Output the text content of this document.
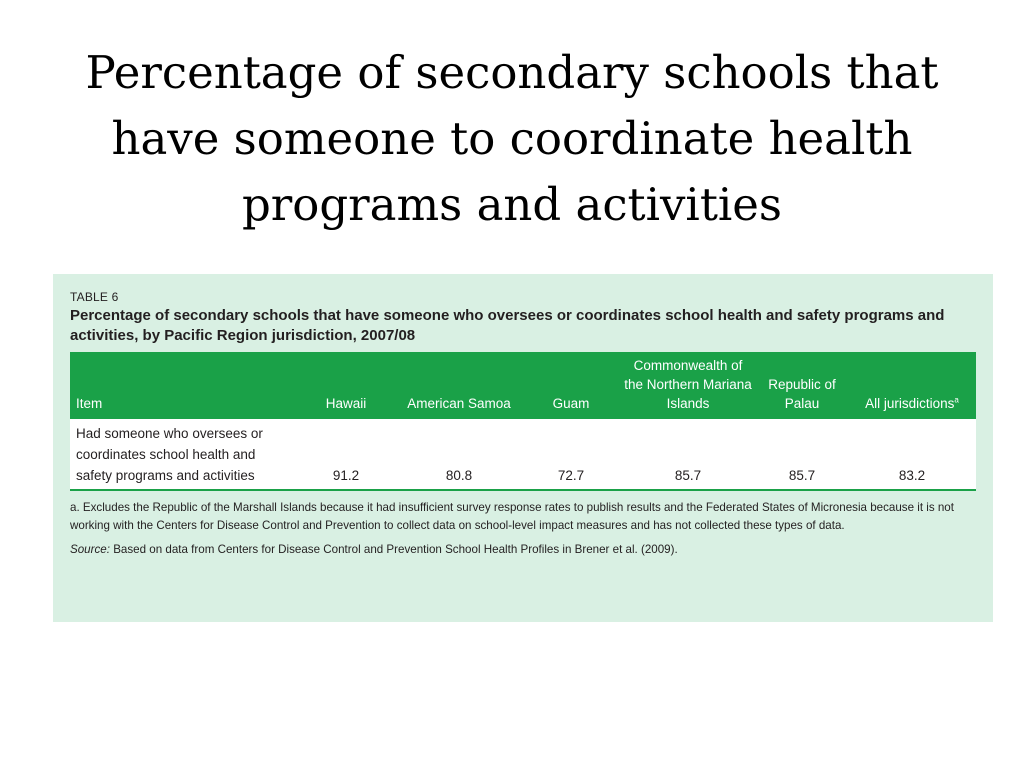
Percentage of secondary schools that
have someone to coordinate health
programs and activities

TABLE 6

Percentage of secondary schools that have someone who oversees or coordinates school health and safety programs and activities, by Pacific Region jurisdiction, 2007/08

Item	Hawaii	American Samoa	Guam	Commonwealth of the Northern Mariana Islands	Republic of Palau	All jurisdictions$^a$
Had someone who oversees or coordinates school health and safety programs and activities	91.2	80.8	72.7	85.7	85.7	83.2

a. Excludes the Republic of the Marshall Islands because it had insufficient survey response rates to publish results and the Federated States of Micronesia because it is not working with the Centers for Disease Control and Prevention to collect data on school-level impact measures and has not collected these types of data.

Source: Based on data from Centers for Disease Control and Prevention School Health Profiles in Brener et al. (2009).
